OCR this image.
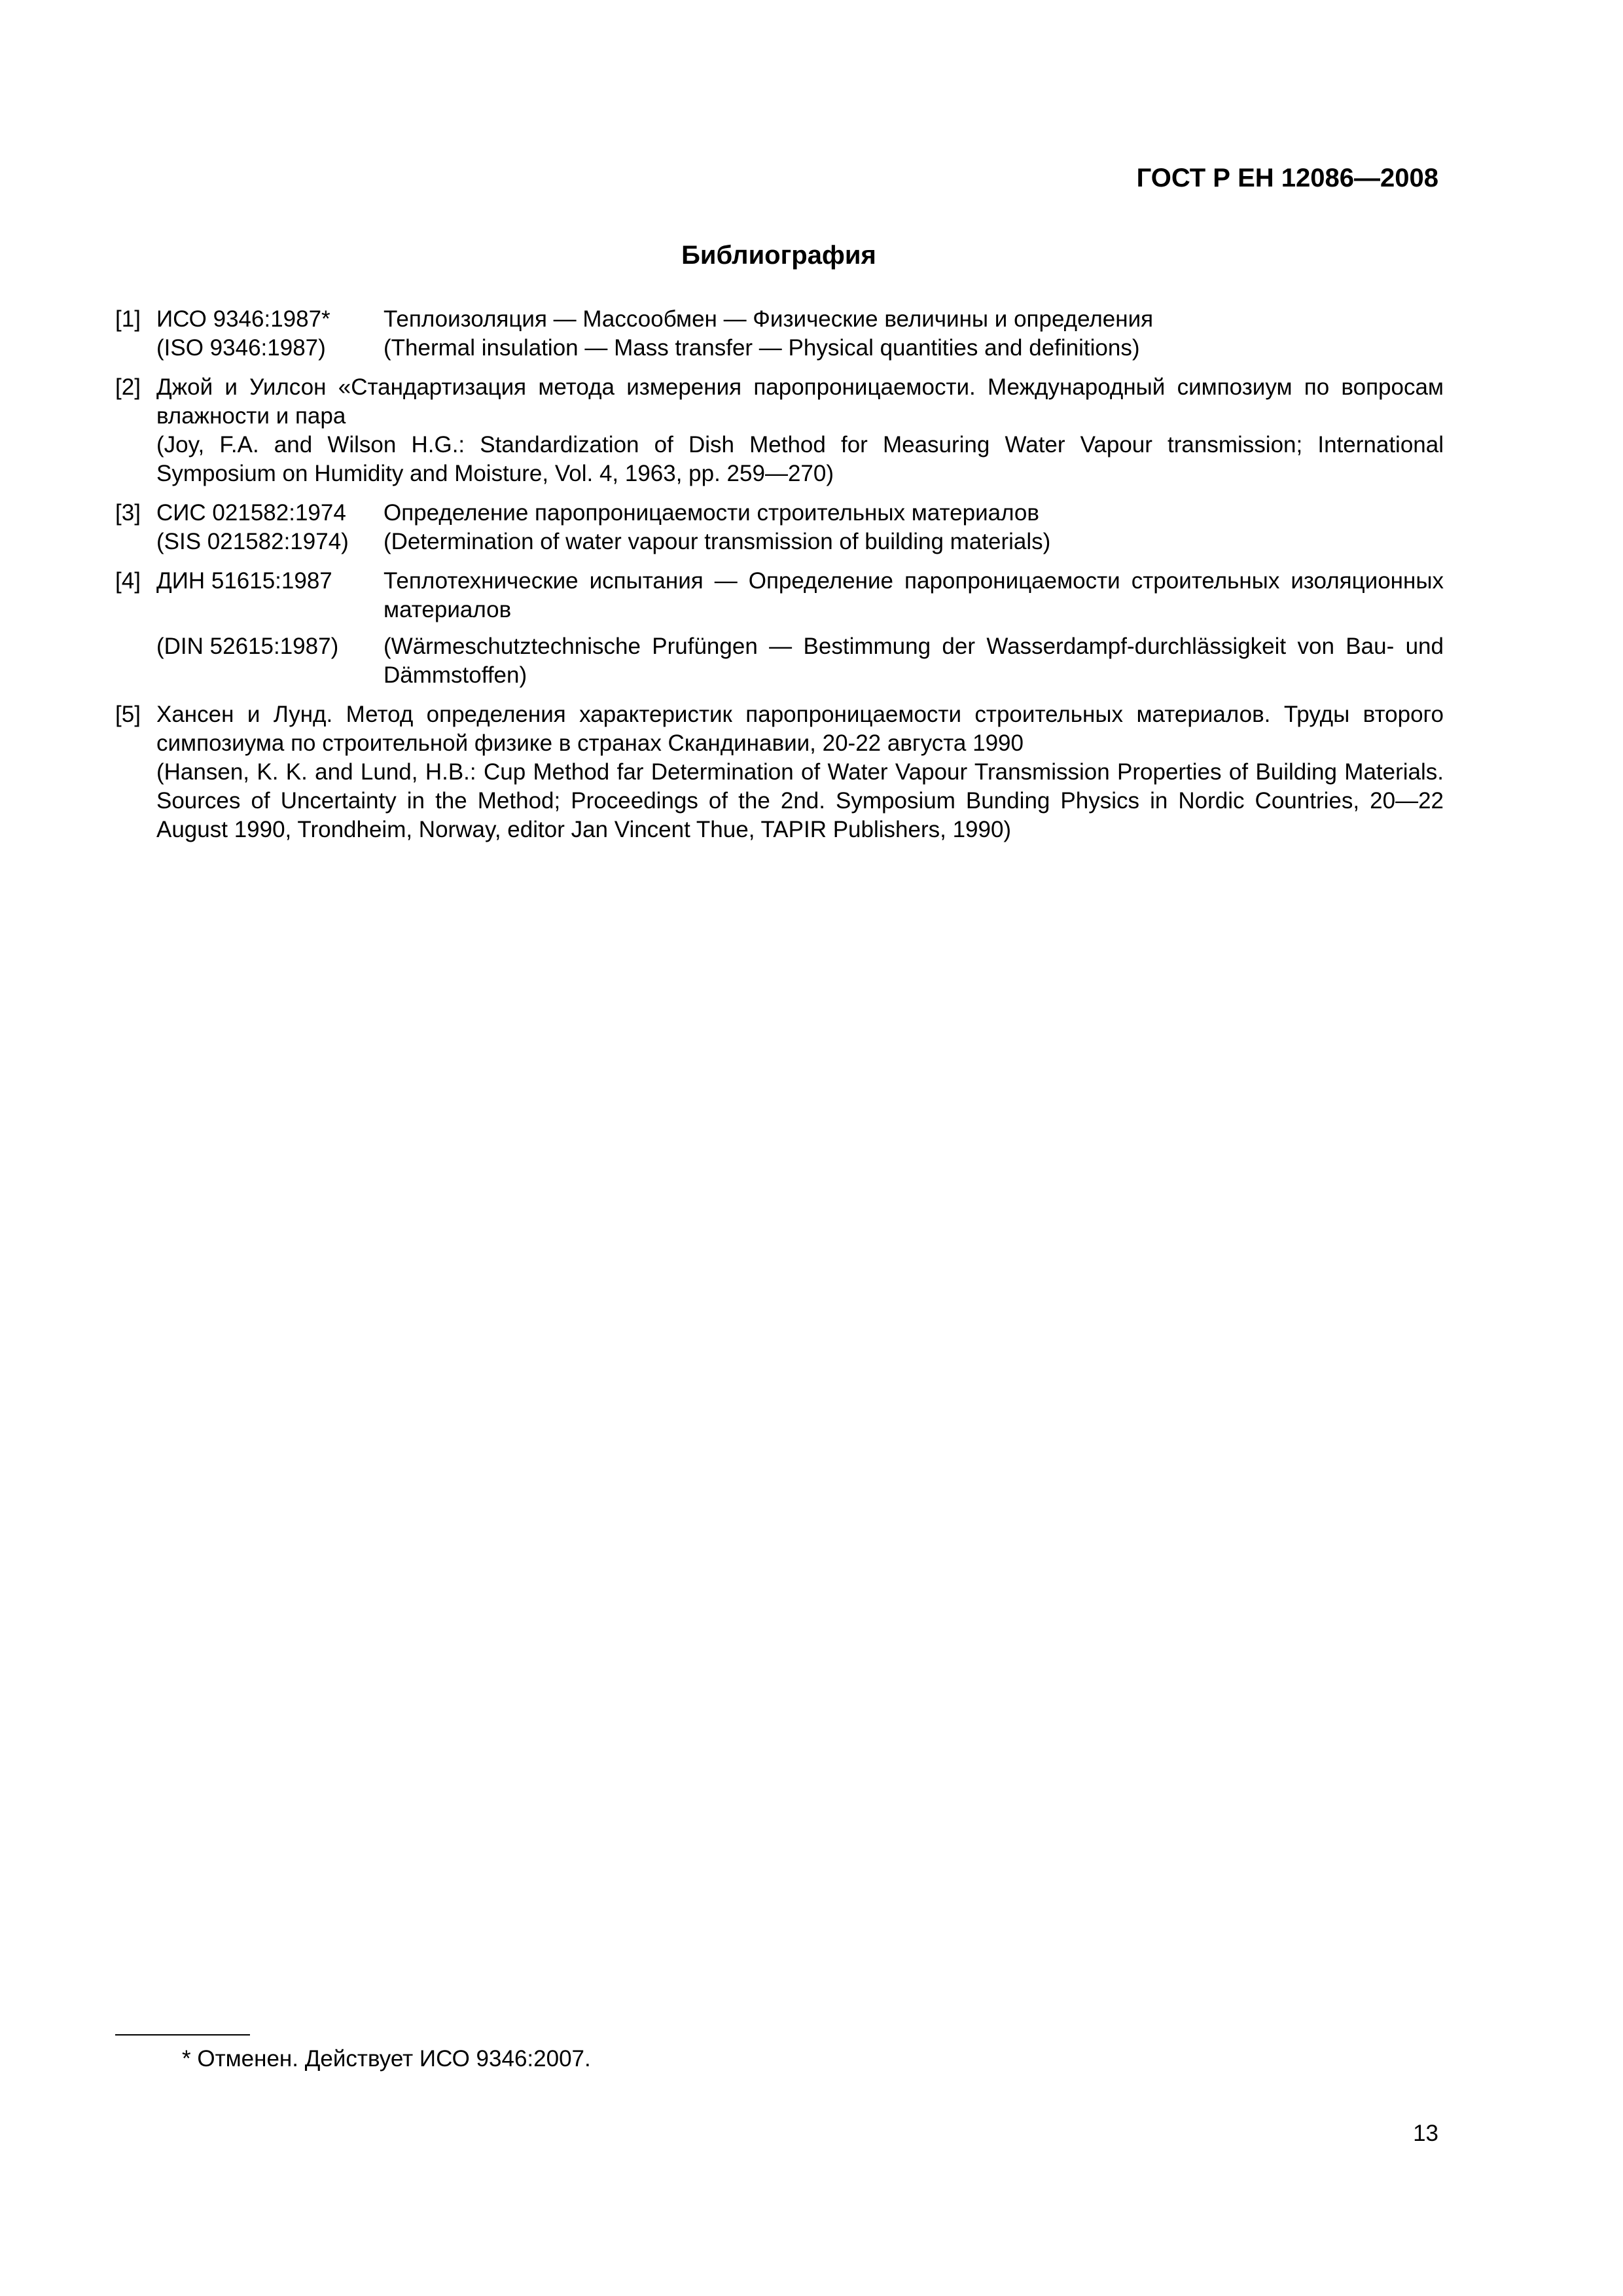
ГОСТ Р ЕН 12086—2008
Библиография
[1] ИСО 9346:1987*	Теплоизоляция — Массообмен — Физические величины и определения
(ISO 9346:1987)	(Thermal insulation — Mass transfer — Physical quantities and definitions)
[2] Джой и Уилсон «Стандартизация метода измерения паропроницаемости. Международный симпозиум по вопросам влажности и пара
(Joy, F.A. and Wilson H.G.: Standardization of Dish Method for Measuring Water Vapour transmission; International Symposium on Humidity and Moisture, Vol. 4, 1963, pp. 259—270)
[3] СИС 021582:1974	Определение паропроницаемости строительных материалов
(SIS 021582:1974)	(Determination of water vapour transmission of building materials)
[4] ДИН 51615:1987	Теплотехнические испытания — Определение паропроницаемости строительных изоляционных материалов
(DIN 52615:1987)	(Wärmeschutztechnische Prufüngen — Bestimmung der Wasserdampf-durchlässigkeit von Bau- und Dämmstoffen)
[5] Хансен и Лунд. Метод определения характеристик паропроницаемости строительных материалов. Труды второго симпозиума по строительной физике в странах Скандинавии, 20-22 августа 1990
(Hansen, K. K. and Lund, H.B.: Cup Method far Determination of Water Vapour Transmission Properties of Building Materials. Sources of Uncertainty in the Method; Proceedings of the 2nd. Symposium Bunding Physics in Nordic Countries, 20—22 August 1990, Trondheim, Norway, editor Jan Vincent Thue, TAPIR Publishers, 1990)
* Отменен. Действует ИСО 9346:2007.
13
